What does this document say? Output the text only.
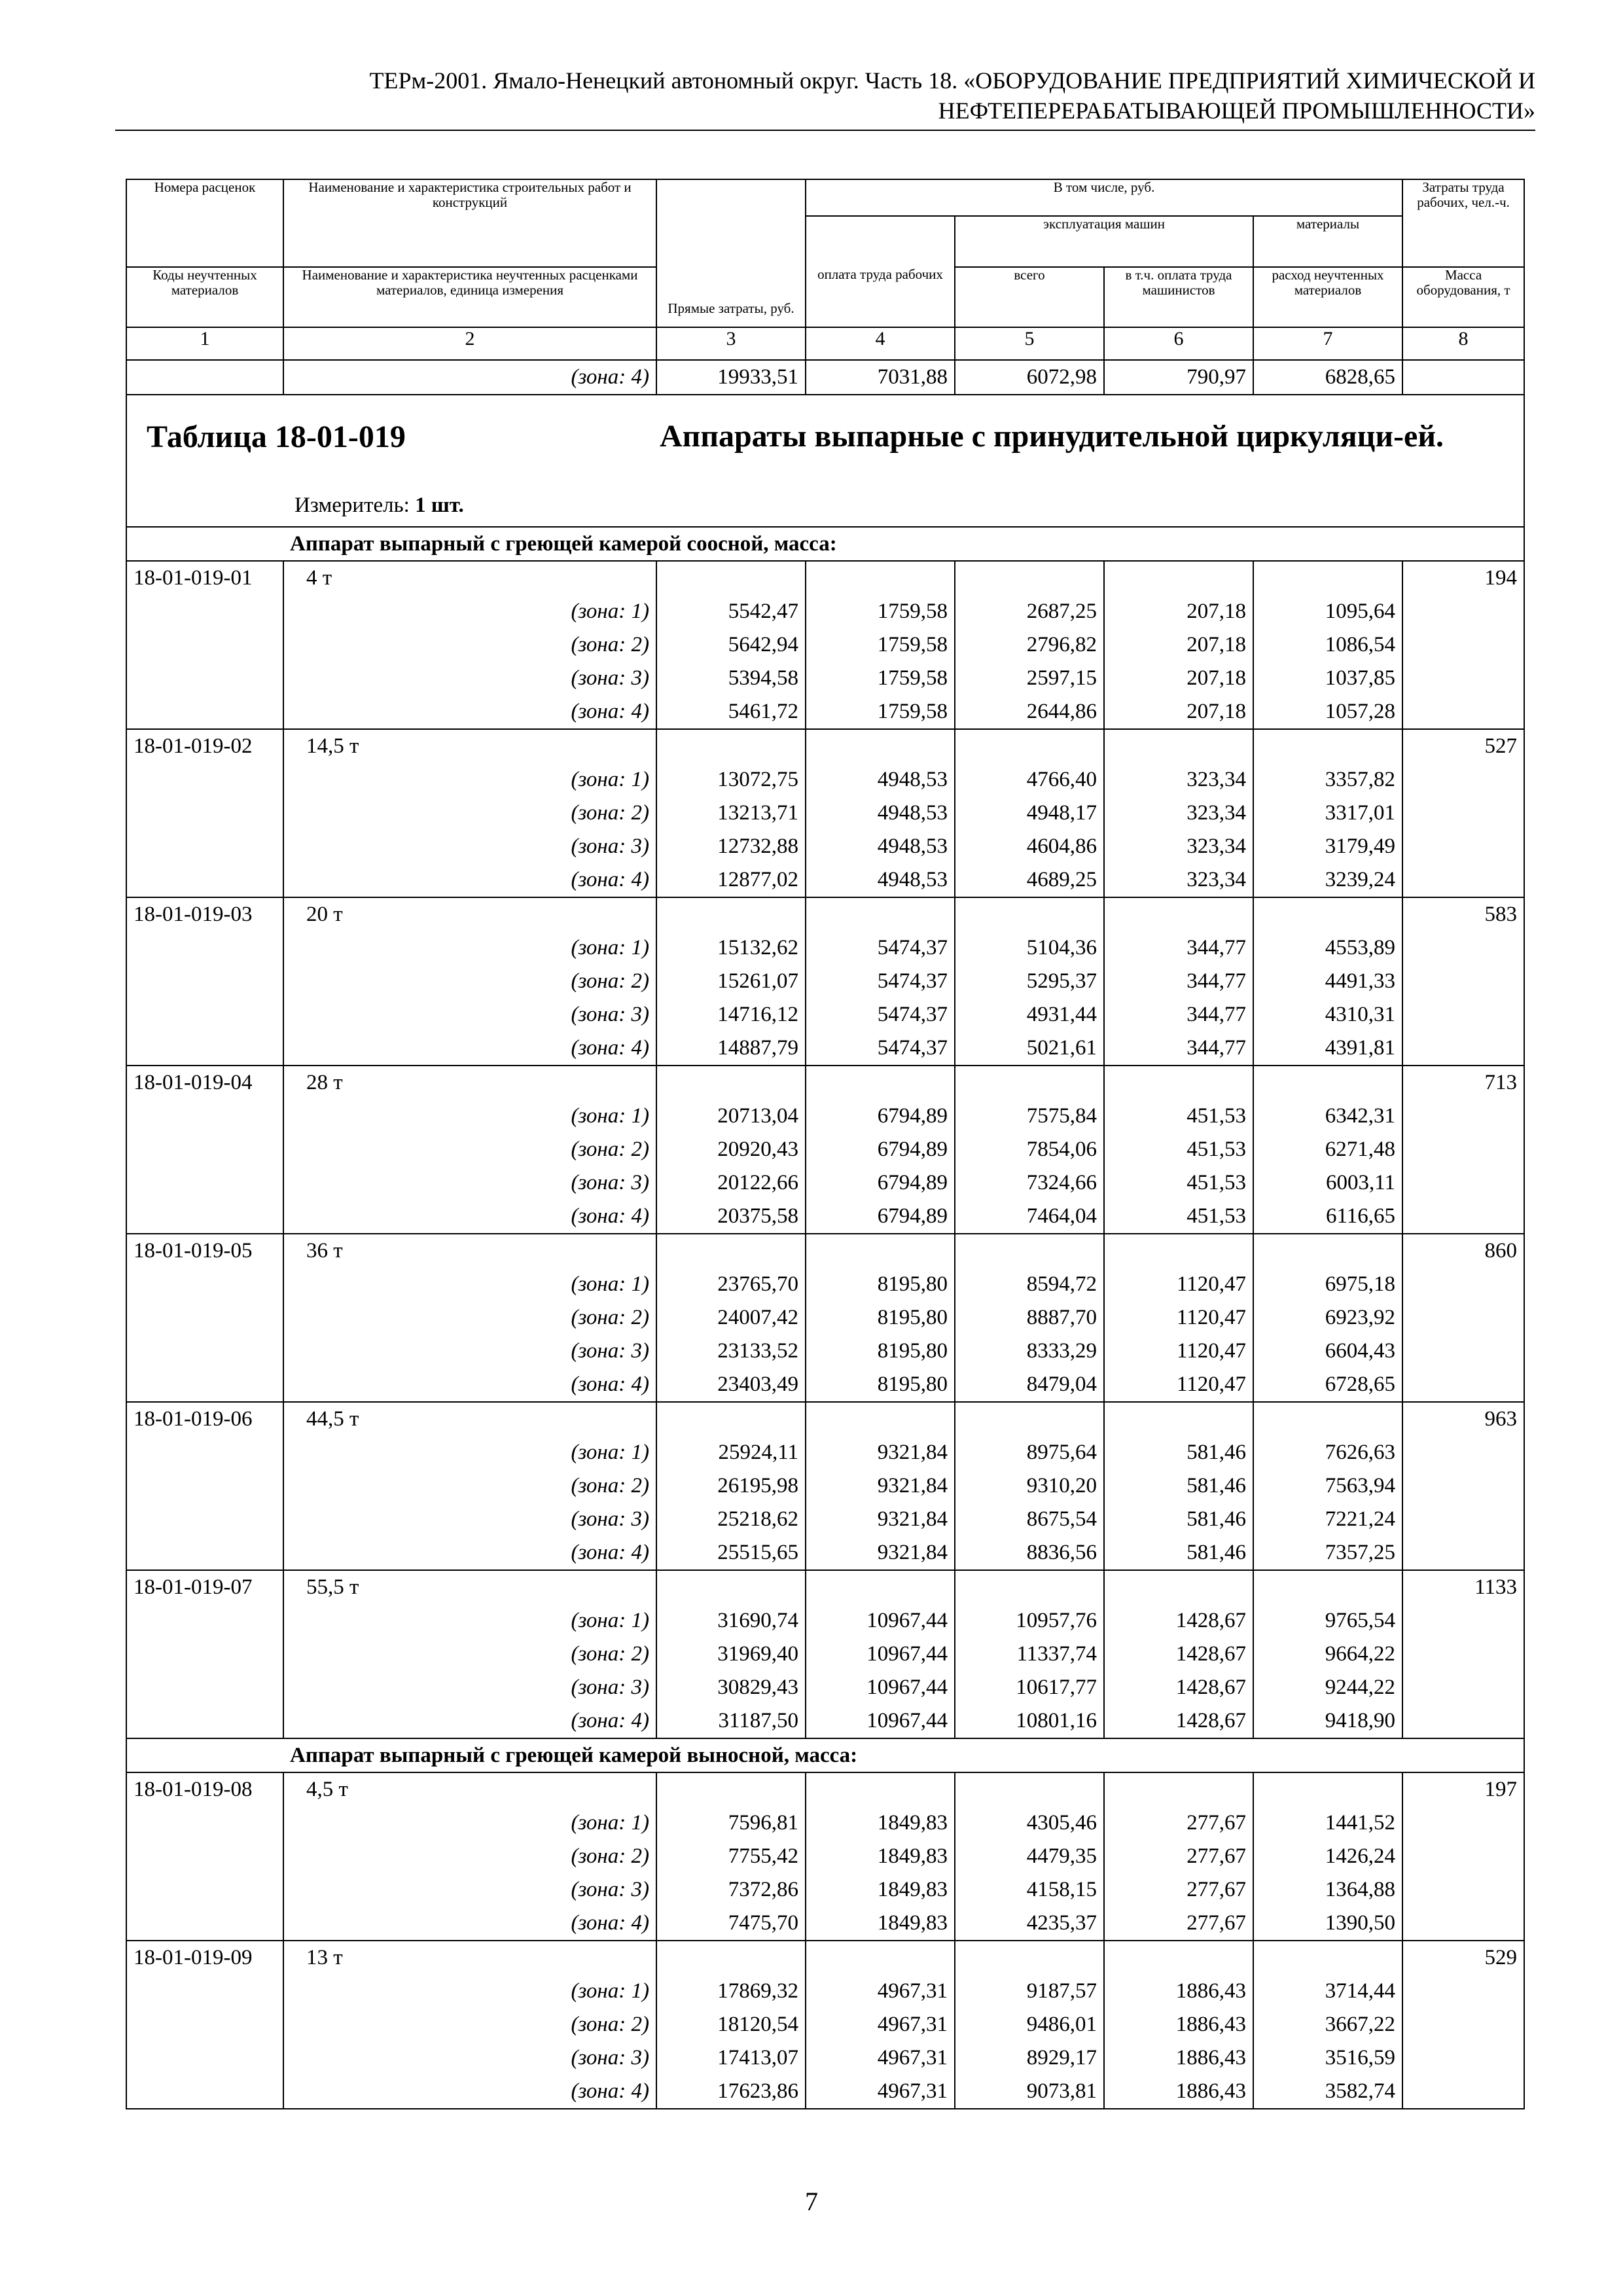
ТЕРм-2001. Ямало-Ненецкий автономный округ. Часть 18. «ОБОРУДОВАНИЕ ПРЕДПРИЯТИЙ ХИМИЧЕСКОЙ И
НЕФТЕПЕРЕРАБАТЫВАЮЩЕЙ ПРОМЫШЛЕННОСТИ»
Номера расценок	Наименование и характеристика строительных работ и конструкций	Прямые затраты, руб.	В том числе, руб.				Затраты труда рабочих, чел.-ч.
				эксплуатация машин		материалы	
Коды неучтенных материалов	Наименование и характеристика неучтенных расценками материалов, единица измерения		оплата труда рабочих	всего	в т.ч. оплата труда машинистов	расход неучтенных материалов	Масса оборудования, т
1	2	3	4	5	6	7	8
	(зона: 4)	19933,51	7031,88	6072,98	790,97	6828,65	

Таблица 18-01-019 Аппараты выпарные с принудительной циркуляци-ей.
Измеритель: 1 шт.							

	Аппарат выпарный с греющей камерой соосной, масса:						
18-01-019-01	4 т						194
	(зона: 1)	5542,47	1759,58	2687,25	207,18	1095,64	
	(зона: 2)	5642,94	1759,58	2796,82	207,18	1086,54	
	(зона: 3)	5394,58	1759,58	2597,15	207,18	1037,85	
	(зона: 4)	5461,72	1759,58	2644,86	207,18	1057,28	
18-01-019-02	14,5 т						527
	(зона: 1)	13072,75	4948,53	4766,40	323,34	3357,82	
	(зона: 2)	13213,71	4948,53	4948,17	323,34	3317,01	
	(зона: 3)	12732,88	4948,53	4604,86	323,34	3179,49	
	(зона: 4)	12877,02	4948,53	4689,25	323,34	3239,24	
18-01-019-03	20 т						583
	(зона: 1)	15132,62	5474,37	5104,36	344,77	4553,89	
	(зона: 2)	15261,07	5474,37	5295,37	344,77	4491,33	
	(зона: 3)	14716,12	5474,37	4931,44	344,77	4310,31	
	(зона: 4)	14887,79	5474,37	5021,61	344,77	4391,81	
18-01-019-04	28 т						713
	(зона: 1)	20713,04	6794,89	7575,84	451,53	6342,31	
	(зона: 2)	20920,43	6794,89	7854,06	451,53	6271,48	
	(зона: 3)	20122,66	6794,89	7324,66	451,53	6003,11	
	(зона: 4)	20375,58	6794,89	7464,04	451,53	6116,65	
18-01-019-05	36 т						860
	(зона: 1)	23765,70	8195,80	8594,72	1120,47	6975,18	
	(зона: 2)	24007,42	8195,80	8887,70	1120,47	6923,92	
	(зона: 3)	23133,52	8195,80	8333,29	1120,47	6604,43	
	(зона: 4)	23403,49	8195,80	8479,04	1120,47	6728,65	
18-01-019-06	44,5 т						963
	(зона: 1)	25924,11	9321,84	8975,64	581,46	7626,63	
	(зона: 2)	26195,98	9321,84	9310,20	581,46	7563,94	
	(зона: 3)	25218,62	9321,84	8675,54	581,46	7221,24	
	(зона: 4)	25515,65	9321,84	8836,56	581,46	7357,25	
18-01-019-07	55,5 т						1133
	(зона: 1)	31690,74	10967,44	10957,76	1428,67	9765,54	
	(зона: 2)	31969,40	10967,44	11337,74	1428,67	9664,22	
	(зона: 3)	30829,43	10967,44	10617,77	1428,67	9244,22	
	(зона: 4)	31187,50	10967,44	10801,16	1428,67	9418,90	
	Аппарат выпарный с греющей камерой выносной, масса:						
18-01-019-08	4,5 т						197
	(зона: 1)	7596,81	1849,83	4305,46	277,67	1441,52	
	(зона: 2)	7755,42	1849,83	4479,35	277,67	1426,24	
	(зона: 3)	7372,86	1849,83	4158,15	277,67	1364,88	
	(зона: 4)	7475,70	1849,83	4235,37	277,67	1390,50	
18-01-019-09	13 т						529
	(зона: 1)	17869,32	4967,31	9187,57	1886,43	3714,44	
	(зона: 2)	18120,54	4967,31	9486,01	1886,43	3667,22	
	(зона: 3)	17413,07	4967,31	8929,17	1886,43	3516,59	
	(зона: 4)	17623,86	4967,31	9073,81	1886,43	3582,74	
7
